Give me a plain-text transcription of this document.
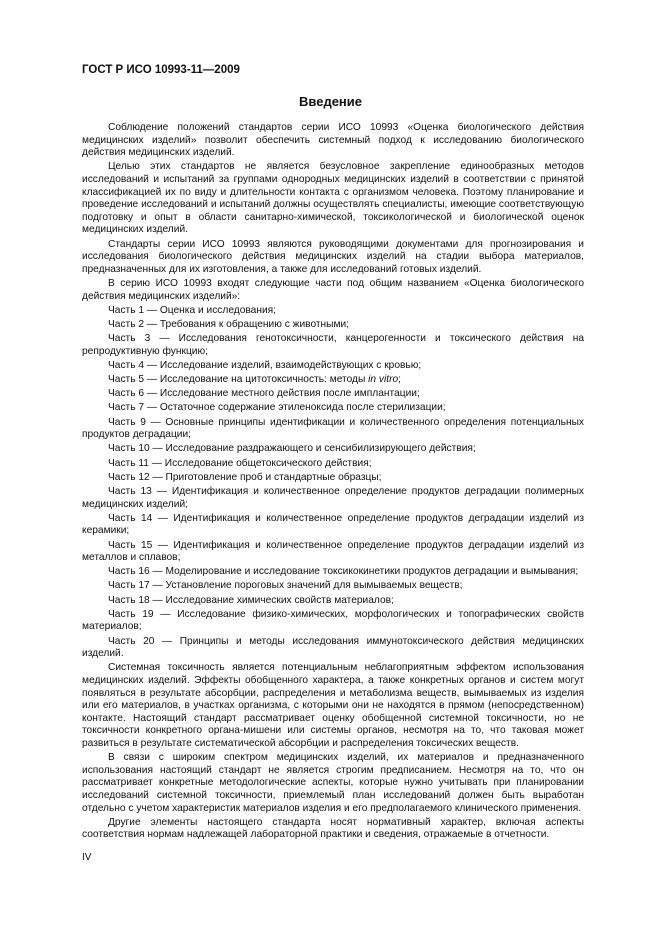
ГОСТ Р ИСО 10993-11—2009
Введение

Соблюдение положений стандартов серии ИСО 10993 «Оценка биологического действия медицинских изделий» позволит обеспечить системный подход к исследованию биологического действия медицинских изделий.

Целью этих стандартов не является безусловное закрепление единообразных методов исследований и испытаний за группами однородных медицинских изделий в соответствии с принятой классификацией их по виду и длительности контакта с организмом человека. Поэтому планирование и проведение исследований и испытаний должны осуществлять специалисты, имеющие соответствующую подготовку и опыт в области санитарно-химической, токсикологической и биологической оценок медицинских изделий.

Стандарты серии ИСО 10993 являются руководящими документами для прогнозирования и исследования биологического действия медицинских изделий на стадии выбора материалов, предназначенных для их изготовления, а также для исследований готовых изделий.

В серию ИСО 10993 входят следующие части под общим названием «Оценка биологического действия медицинских изделий»:

Часть 1 — Оценка и исследования;

Часть 2 — Требования к обращению с животными;

Часть 3 — Исследования генотоксичности, канцерогенности и токсического действия на репродуктивную функцию;

Часть 4 — Исследование изделий, взаимодействующих с кровью;

Часть 5 — Исследование на цитотоксичность: методы in vitro;

Часть 6 — Исследование местного действия после имплантации;

Часть 7 — Остаточное содержание этиленоксида после стерилизации;

Часть 9 — Основные принципы идентификации и количественного определения потенциальных продуктов деградации;

Часть 10 — Исследование раздражающего и сенсибилизирующего действия;

Часть 11 — Исследование общетоксического действия;

Часть 12 — Приготовление проб и стандартные образцы;

Часть 13 — Идентификация и количественное определение продуктов деградации полимерных медицинских изделий;

Часть 14 — Идентификация и количественное определение продуктов деградации изделий из керамики;

Часть 15 — Идентификация и количественное определение продуктов деградации изделий из металлов и сплавов;

Часть 16 — Моделирование и исследование токсикокинетики продуктов деградации и вымывания;

Часть 17 — Установление пороговых значений для вымываемых веществ;

Часть 18 — Исследование химических свойств материалов;

Часть 19 — Исследование физико-химических, морфологических и топографических свойств материалов;

Часть 20 — Принципы и методы исследования иммунотоксического действия медицинских изделий.

Системная токсичность является потенциальным неблагоприятным эффектом использования медицинских изделий. Эффекты обобщенного характера, а также конкретных органов и систем могут появляться в результате абсорбции, распределения и метаболизма веществ, вымываемых из изделия или его материалов, в участках организма, с которыми они не находятся в прямом (непосредственном) контакте. Настоящий стандарт рассматривает оценку обобщенной системной токсичности, но не токсичности конкретного органа-мишени или системы органов, несмотря на то, что таковая может развиться в результате систематической абсорбции и распределения токсических веществ.

В связи с широким спектром медицинских изделий, их материалов и предназначенного использования настоящий стандарт не является строгим предписанием. Несмотря на то, что он рассматривает конкретные методологические аспекты, которые нужно учитывать при планировании исследований системной токсичности, приемлемый план исследований должен быть выработан отдельно с учетом характеристик материалов изделия и его предполагаемого клинического применения.

Другие элементы настоящего стандарта носят нормативный характер, включая аспекты соответствия нормам надлежащей лабораторной практики и сведения, отражаемые в отчетности.

IV
